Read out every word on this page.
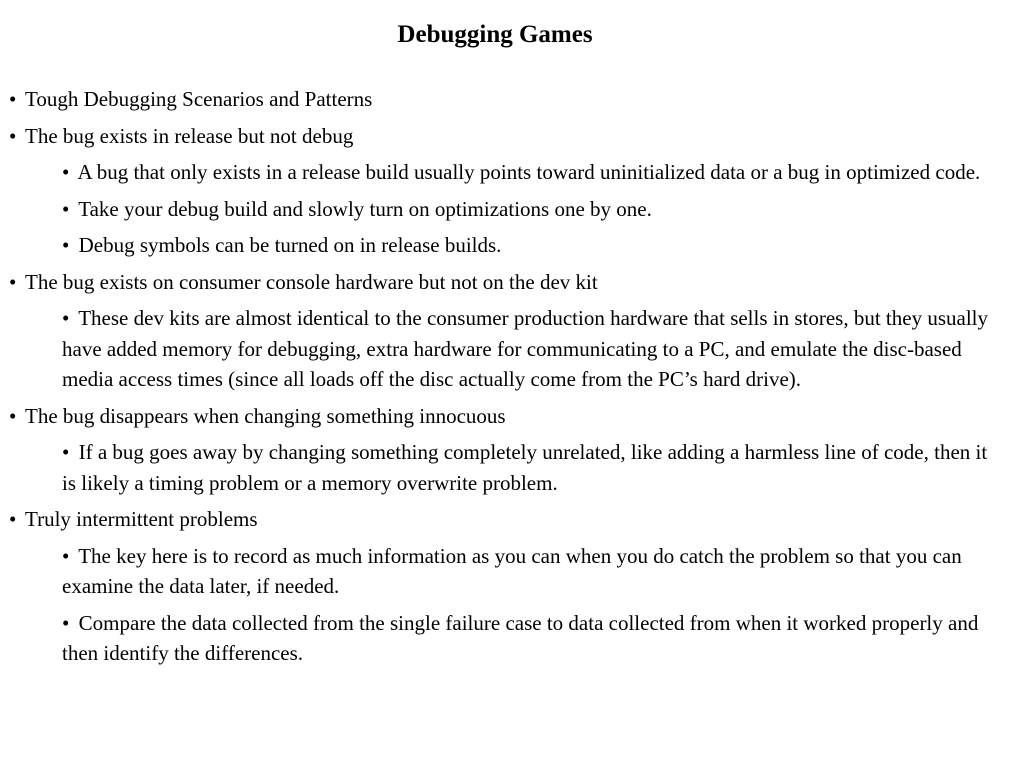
Debugging Games
• Tough Debugging Scenarios and Patterns
• The bug exists in release but not debug
• A bug that only exists in a release build usually points toward uninitialized data or a bug in optimized code.
• Take your debug build and slowly turn on optimizations one by one.
• Debug symbols can be turned on in release builds.
• The bug exists on consumer console hardware but not on the dev kit
• These dev kits are almost identical to the consumer production hardware that sells in stores, but they usually have added memory for debugging, extra hardware for communicating to a PC, and emulate the disc-based media access times (since all loads off the disc actually come from the PC’s hard drive).
• The bug disappears when changing something innocuous
• If a bug goes away by changing something completely unrelated, like adding a harmless line of code, then it is likely a timing problem or a memory overwrite problem.
• Truly intermittent problems
• The key here is to record as much information as you can when you do catch the problem so that you can examine the data later, if needed.
• Compare the data collected from the single failure case to data collected from when it worked properly and then identify the differences.
